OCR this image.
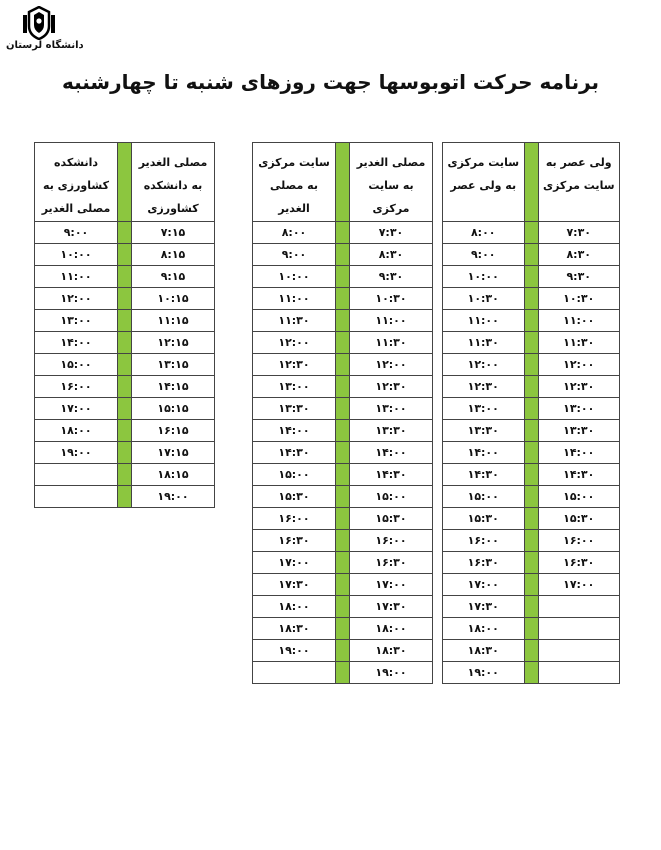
دانشگاه لرستان
برنامه حرکت اتوبوسها جهت روزهای شنبه تا چهارشنبه
ولی عصر به سایت مرکزی		سایت مرکزی به ولی عصر
۷:۳۰		۸:۰۰
۸:۳۰		۹:۰۰
۹:۳۰		۱۰:۰۰
۱۰:۳۰		۱۰:۳۰
۱۱:۰۰		۱۱:۰۰
۱۱:۳۰		۱۱:۳۰
۱۲:۰۰		۱۲:۰۰
۱۲:۳۰		۱۲:۳۰
۱۳:۰۰		۱۳:۰۰
۱۳:۳۰		۱۳:۳۰
۱۴:۰۰		۱۴:۰۰
۱۴:۳۰		۱۴:۳۰
۱۵:۰۰		۱۵:۰۰
۱۵:۳۰		۱۵:۳۰
۱۶:۰۰		۱۶:۰۰
۱۶:۳۰		۱۶:۳۰
۱۷:۰۰		۱۷:۰۰
		۱۷:۳۰
		۱۸:۰۰
		۱۸:۳۰
		۱۹:۰۰
مصلی الغدیر به سایت مرکزی		سایت مرکزی به مصلی الغدیر
۷:۳۰		۸:۰۰
۸:۳۰		۹:۰۰
۹:۳۰		۱۰:۰۰
۱۰:۳۰		۱۱:۰۰
۱۱:۰۰		۱۱:۳۰
۱۱:۳۰		۱۲:۰۰
۱۲:۰۰		۱۲:۳۰
۱۲:۳۰		۱۳:۰۰
۱۳:۰۰		۱۳:۳۰
۱۳:۳۰		۱۴:۰۰
۱۴:۰۰		۱۴:۳۰
۱۴:۳۰		۱۵:۰۰
۱۵:۰۰		۱۵:۳۰
۱۵:۳۰		۱۶:۰۰
۱۶:۰۰		۱۶:۳۰
۱۶:۳۰		۱۷:۰۰
۱۷:۰۰		۱۷:۳۰
۱۷:۳۰		۱۸:۰۰
۱۸:۰۰		۱۸:۳۰
۱۸:۳۰		۱۹:۰۰
۱۹:۰۰		
مصلی الغدیر به دانشکده کشاورزی		دانشکده کشاورزی به مصلی الغدیر
۷:۱۵		۹:۰۰
۸:۱۵		۱۰:۰۰
۹:۱۵		۱۱:۰۰
۱۰:۱۵		۱۲:۰۰
۱۱:۱۵		۱۳:۰۰
۱۲:۱۵		۱۴:۰۰
۱۳:۱۵		۱۵:۰۰
۱۴:۱۵		۱۶:۰۰
۱۵:۱۵		۱۷:۰۰
۱۶:۱۵		۱۸:۰۰
۱۷:۱۵		۱۹:۰۰
۱۸:۱۵		
۱۹:۰۰		
